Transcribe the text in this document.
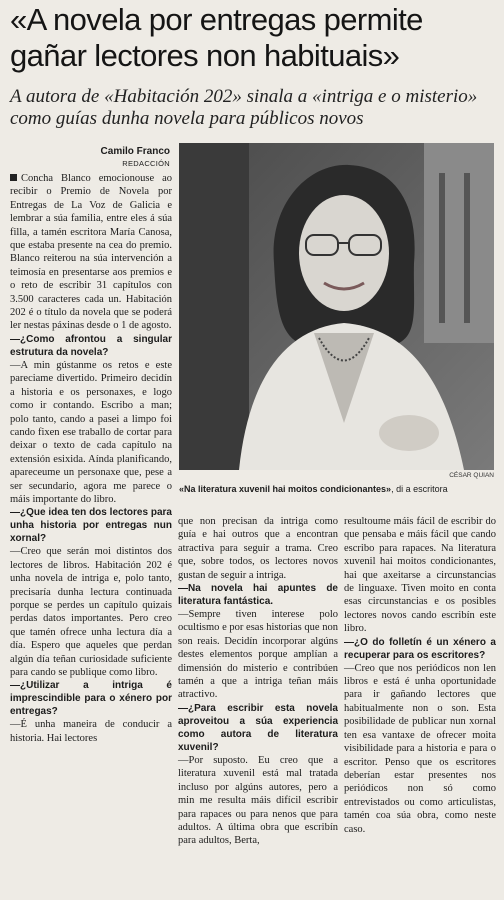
«A novela por entregas permite gañar lectores non habituais»
A autora de «Habitación 202» sinala a «intriga e o misterio» como guías dunha novela para públicos novos
Camilo Franco
REDACCIÓN
CÉSAR QUIAN
«Na literatura xuvenil hai moitos condicionantes», di a escritora

Concha Blanco emocionouse ao recibir o Premio de Novela por Entregas de La Voz de Galicia e lembrar a súa familia, entre eles á súa filla, a tamén escritora María Canosa, que estaba presente na cea do premio. Blanco reiterou na súa intervención a teimosía en presentarse aos premios e o reto de escribir 31 capítulos con 3.500 caracteres cada un. Habitación 202 é o título da novela que se poderá ler nestas páxinas desde o 1 de agosto.

—¿Como afrontou a singular estrutura da novela?

—A min gústanme os retos e este pareciame divertido. Primeiro decidín a historia e os personaxes, e logo como ir contando. Escribo a man; polo tanto, cando a pasei a limpo foi cando fixen ese traballo de cortar para deixar o texto de cada capítulo na extensión esixida. Aínda planificando, apareceume un personaxe que, pese a ser secundario, agora me parece o máis importante do libro.

—¿Que idea ten dos lectores para unha historia por entregas nun xornal?

—Creo que serán moi distintos dos lectores de libros. Habitación 202 é unha novela de intriga e, polo tanto, precisaría dunha lectura continuada porque se perdes un capítulo quizais perdas datos importantes. Pero creo que tamén ofrece unha lectura día a día. Espero que aqueles que perdan algún día teñan curiosidade suficiente para cando se publique como libro.

—¿Utilizar a intriga é imprescindible para o xénero por entregas?

—É unha maneira de conducir a historia. Hai lectores

que non precisan da intriga como guía e hai outros que a encontran atractiva para seguir a trama. Creo que, sobre todos, os lectores novos gustan de seguir a intriga.

—Na novela hai apuntes de literatura fantástica.

—Sempre tiven interese polo ocultismo e por esas historias que non son reais. Decidín incorporar algúns destes elementos porque amplían a dimensión do misterio e contribúen tamén a que a intriga teñan máis atractivo.

—¿Para escribir esta novela aproveitou a súa experiencia como autora de literatura xuvenil?

—Por suposto. Eu creo que a literatura xuvenil está mal tratada incluso por algúns autores, pero a min me resulta máis difícil escribir para rapaces ou para nenos que para adultos. A última obra que escribín para adultos, Berta,

resultoume máis fácil de escribir do que pensaba e máis fácil que cando escribo para rapaces. Na literatura xuvenil hai moitos condicionantes, hai que axeitarse a circunstancias de linguaxe. Tiven moito en conta esas circunstancias e os posibles lectores novos cando escribín este libro.

—¿O do folletín é un xénero a recuperar para os escritores?

—Creo que nos periódicos non len libros e está é unha oportunidade para ir gañando lectores que habitualmente non o son. Esta posibilidade de publicar nun xornal ten esa vantaxe de ofrecer moita visibilidade para a historia e para o escritor. Penso que os escritores deberían estar presentes nos periódicos non só como entrevistados ou como articulistas, tamén coa súa obra, como neste caso.
